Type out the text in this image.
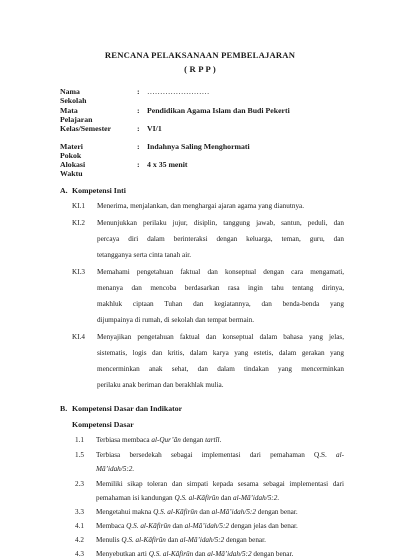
RENCANA PELAKSANAAN PEMBELAJARAN
( R P P )
Nama Sekolah
: ……………………
Mata Pelajaran
: Pendidikan Agama Islam dan Budi Pekerti
Kelas/Semester	: VI/1
Materi Pokok
: Indahnya Saling Menghormati
Alokasi Waktu
: 4 x 35 menit
A. Kompetensi Inti
KI.1 Menerima, menjalankan, dan menghargai ajaran agama yang dianutnya.
KI.2 Menunjukkan perilaku jujur, disiplin, tanggung jawab, santun, peduli, dan
percaya diri dalam berinteraksi dengan keluarga, teman, guru, dan
tetangganya serta cinta tanah air.
KI.3 Memahami pengetahuan faktual dan konseptual dengan cara mengamati,
menanya dan mencoba berdasarkan rasa ingin tahu tentang dirinya,
makhluk ciptaan Tuhan dan kegiatannya, dan benda-benda yang
dijumpainya di rumah, di sekolah dan tempat bermain.
KI.4 Menyajikan pengetahuan faktual dan konseptual dalam bahasa yang jelas,
sistematis, logis dan kritis, dalam karya yang estetis, dalam gerakan yang
mencerminkan anak sehat, dan dalam tindakan yang mencerminkan
perilaku anak beriman dan berakhlak mulia.
B. Kompetensi Dasar dan Indikator
Kompetensi Dasar
1.1 Terbiasa membaca al-Qur’ān dengan tartīl.
1.5 Terbiasa bersedekah sebagai implementasi dari pemahaman Q.S. al-
Mā’idah/5:2.
2.3 Memiliki sikap toleran dan simpati kepada sesama sebagai implementasi dari
pemahaman isi kandungan Q.S. al-Kāfirūn dan al-Mā’idah/5:2.
3.3 Mengetahui makna Q.S. al-Kāfirūn dan al-Mā’idah/5:2 dengan benar.
4.1 Membaca Q.S. al-Kāfirūn dan al-Mā’idah/5:2 dengan jelas dan benar.
4.2 Menulis Q.S. al-Kāfirūn dan al-Mā’idah/5:2 dengan benar.
4.3 Menyebutkan arti Q.S. al-Kāfirūn dan al-Mā’idah/5:2 dengan benar.
